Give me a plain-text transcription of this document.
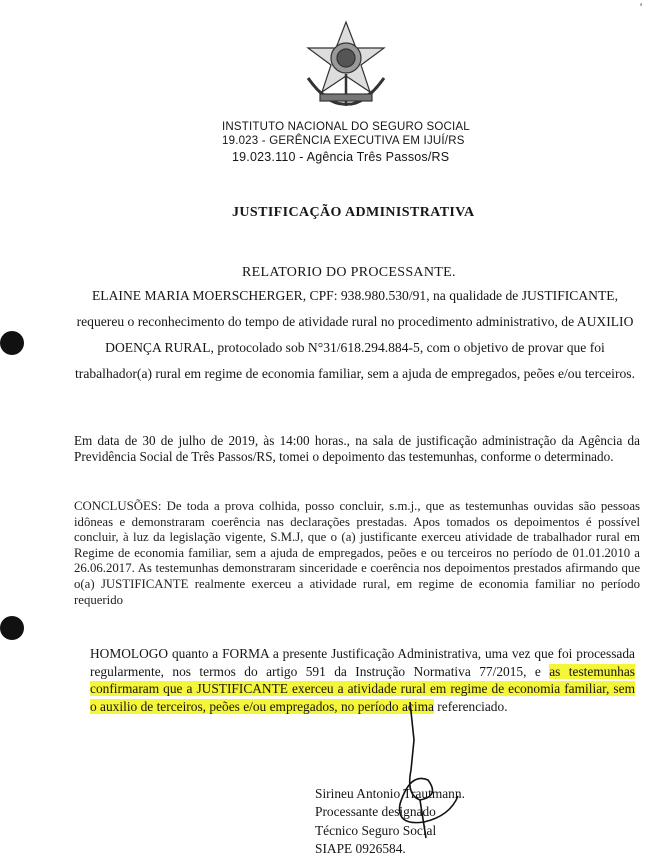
'
INSTITUTO NACIONAL DO SEGURO SOCIAL
19.023 - GERÊNCIA EXECUTIVA EM IJUÍ/RS
19.023.110 - Agência Três Passos/RS
JUSTIFICAÇÃO ADMINISTRATIVA
RELATORIO DO PROCESSANTE.

ELAINE MARIA MOERSCHERGER, CPF: 938.980.530/91, na qualidade de JUSTIFICANTE, requereu o reconhecimento do tempo de atividade rural no procedimento administrativo, de AUXILIO DOENÇA RURAL, protocolado sob N°31/618.294.884-5, com o objetivo de provar que foi trabalhador(a) rural em regime de economia familiar, sem a ajuda de empregados, peões e/ou terceiros.

Em data de 30 de julho de 2019, às 14:00 horas., na sala de justificação administração da Agência da Previdência Social de Três Passos/RS, tomei o depoimento das testemunhas, conforme o determinado.

CONCLUSÕES: De toda a prova colhida, posso concluir, s.m.j., que as testemunhas ouvidas são pessoas idôneas e demonstraram coerência nas declarações prestadas. Apos tomados os depoimentos é possível concluir, à luz da legislação vigente, S.M.J, que o (a) justificante exerceu atividade de trabalhador rural em Regime de economia familiar, sem a ajuda de empregados, peões e ou terceiros no período de 01.01.2010 a 26.06.2017. As testemunhas demonstraram sinceridade e coerência nos depoimentos prestados afirmando que o(a) JUSTIFICANTE realmente exerceu a atividade rural, em regime de economia familiar no período requerido

HOMOLOGO quanto a FORMA a presente Justificação Administrativa, uma vez que foi processada regularmente, nos termos do artigo 591 da Instrução Normativa 77/2015, e as testemunhas confirmaram que a JUSTIFICANTE exerceu a atividade rural em regime de economia familiar, sem o auxilio de terceiros, peões e/ou empregados, no período acima referenciado.

Sirineu Antonio Trautmann.
Processante designado
Técnico Seguro Social
SIAPE 0926584.
